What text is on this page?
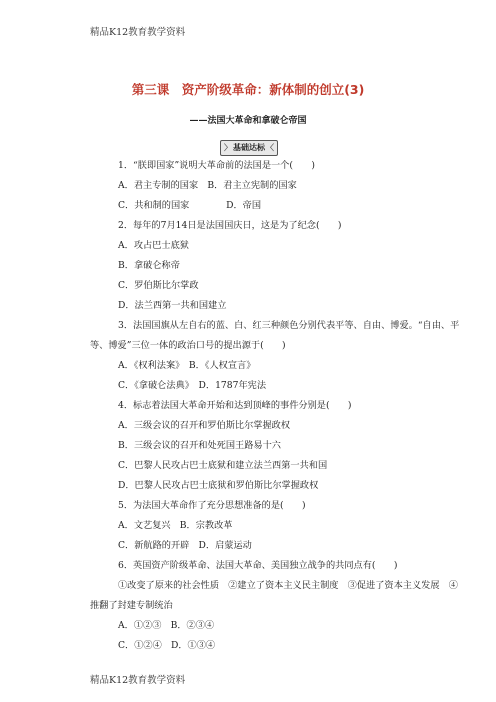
精品K12教育教学资料
第三课　资产阶级革命：新体制的创立(3)
——法国大革命和拿破仑帝国
〉 基础达标 〈
1．“朕即国家”说明大革命前的法国是一个(　　)
A．君主专制的国家　B．君主立宪制的国家
C．共和制的国家　　　　D．帝国
2．每年的7月14日是法国国庆日，这是为了纪念(　　)
A．攻占巴士底狱
B．拿破仑称帝
C．罗伯斯比尔掌政
D．法兰西第一共和国建立
3．法国国旗从左自右的蓝、白、红三种颜色分别代表平等、自由、博爱。“自由、平
等、博爱”三位一体的政治口号的提出源于(　　)
A．《权利法案》　B．《人权宣言》
C．《拿破仑法典》　D．1787年宪法
4．标志着法国大革命开始和达到顶峰的事件分别是(　　)
A．三级会议的召开和罗伯斯比尔掌握政权
B．三级会议的召开和处死国王路易十六
C．巴黎人民攻占巴士底狱和建立法兰西第一共和国
D．巴黎人民攻占巴士底狱和罗伯斯比尔掌握政权
5．为法国大革命作了充分思想准备的是(　　)
A．文艺复兴　B．宗教改革
C．新航路的开辟　D．启蒙运动
6．英国资产阶级革命、法国大革命、美国独立战争的共同点有(　　)
①改变了原来的社会性质　②建立了资本主义民主制度　③促进了资本主义发展　④
推翻了封建专制统治
A．①②③　B．②③④
C．①②④　D．①③④
精品K12教育教学资料
